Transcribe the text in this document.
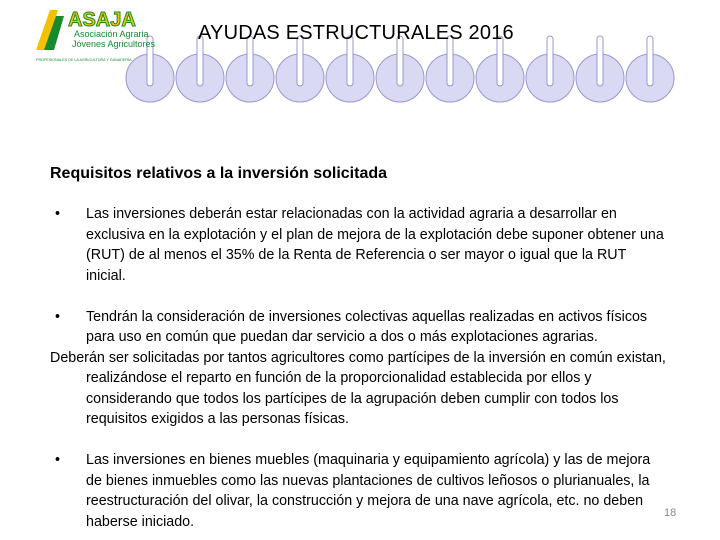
ASAJA
Asociación Agraria
Jóvenes Agricultores
PROFESIONALES DE LA AGRICULTURA Y GANADERÍA
AYUDAS ESTRUCTURALES 2016
Requisitos relativos a la inversión solicitada
• Las inversiones deberán estar relacionadas con la actividad agraria a desarrollar en exclusiva en la explotación y el plan de mejora de la explotación debe suponer obtener una (RUT) de al menos el 35% de la Renta de Referencia o ser mayor o igual que la RUT inicial.
• Tendrán la consideración de inversiones colectivas aquellas realizadas en activos físicos para uso en común que puedan dar servicio a dos o más explotaciones agrarias.
Deberán ser solicitadas por tantos agricultores como partícipes de la inversión en común existan, realizándose el reparto en función de la proporcionalidad establecida por ellos y considerando que todos los partícipes de la agrupación deben cumplir con todos los requisitos exigidos a las personas físicas.
• Las inversiones en bienes muebles (maquinaria y equipamiento agrícola) y las de mejora de bienes inmuebles como las nuevas plantaciones de cultivos leñosos o plurianuales, la reestructuración del olivar, la construcción y mejora de una nave agrícola, etc. no deben haberse iniciado.
18
